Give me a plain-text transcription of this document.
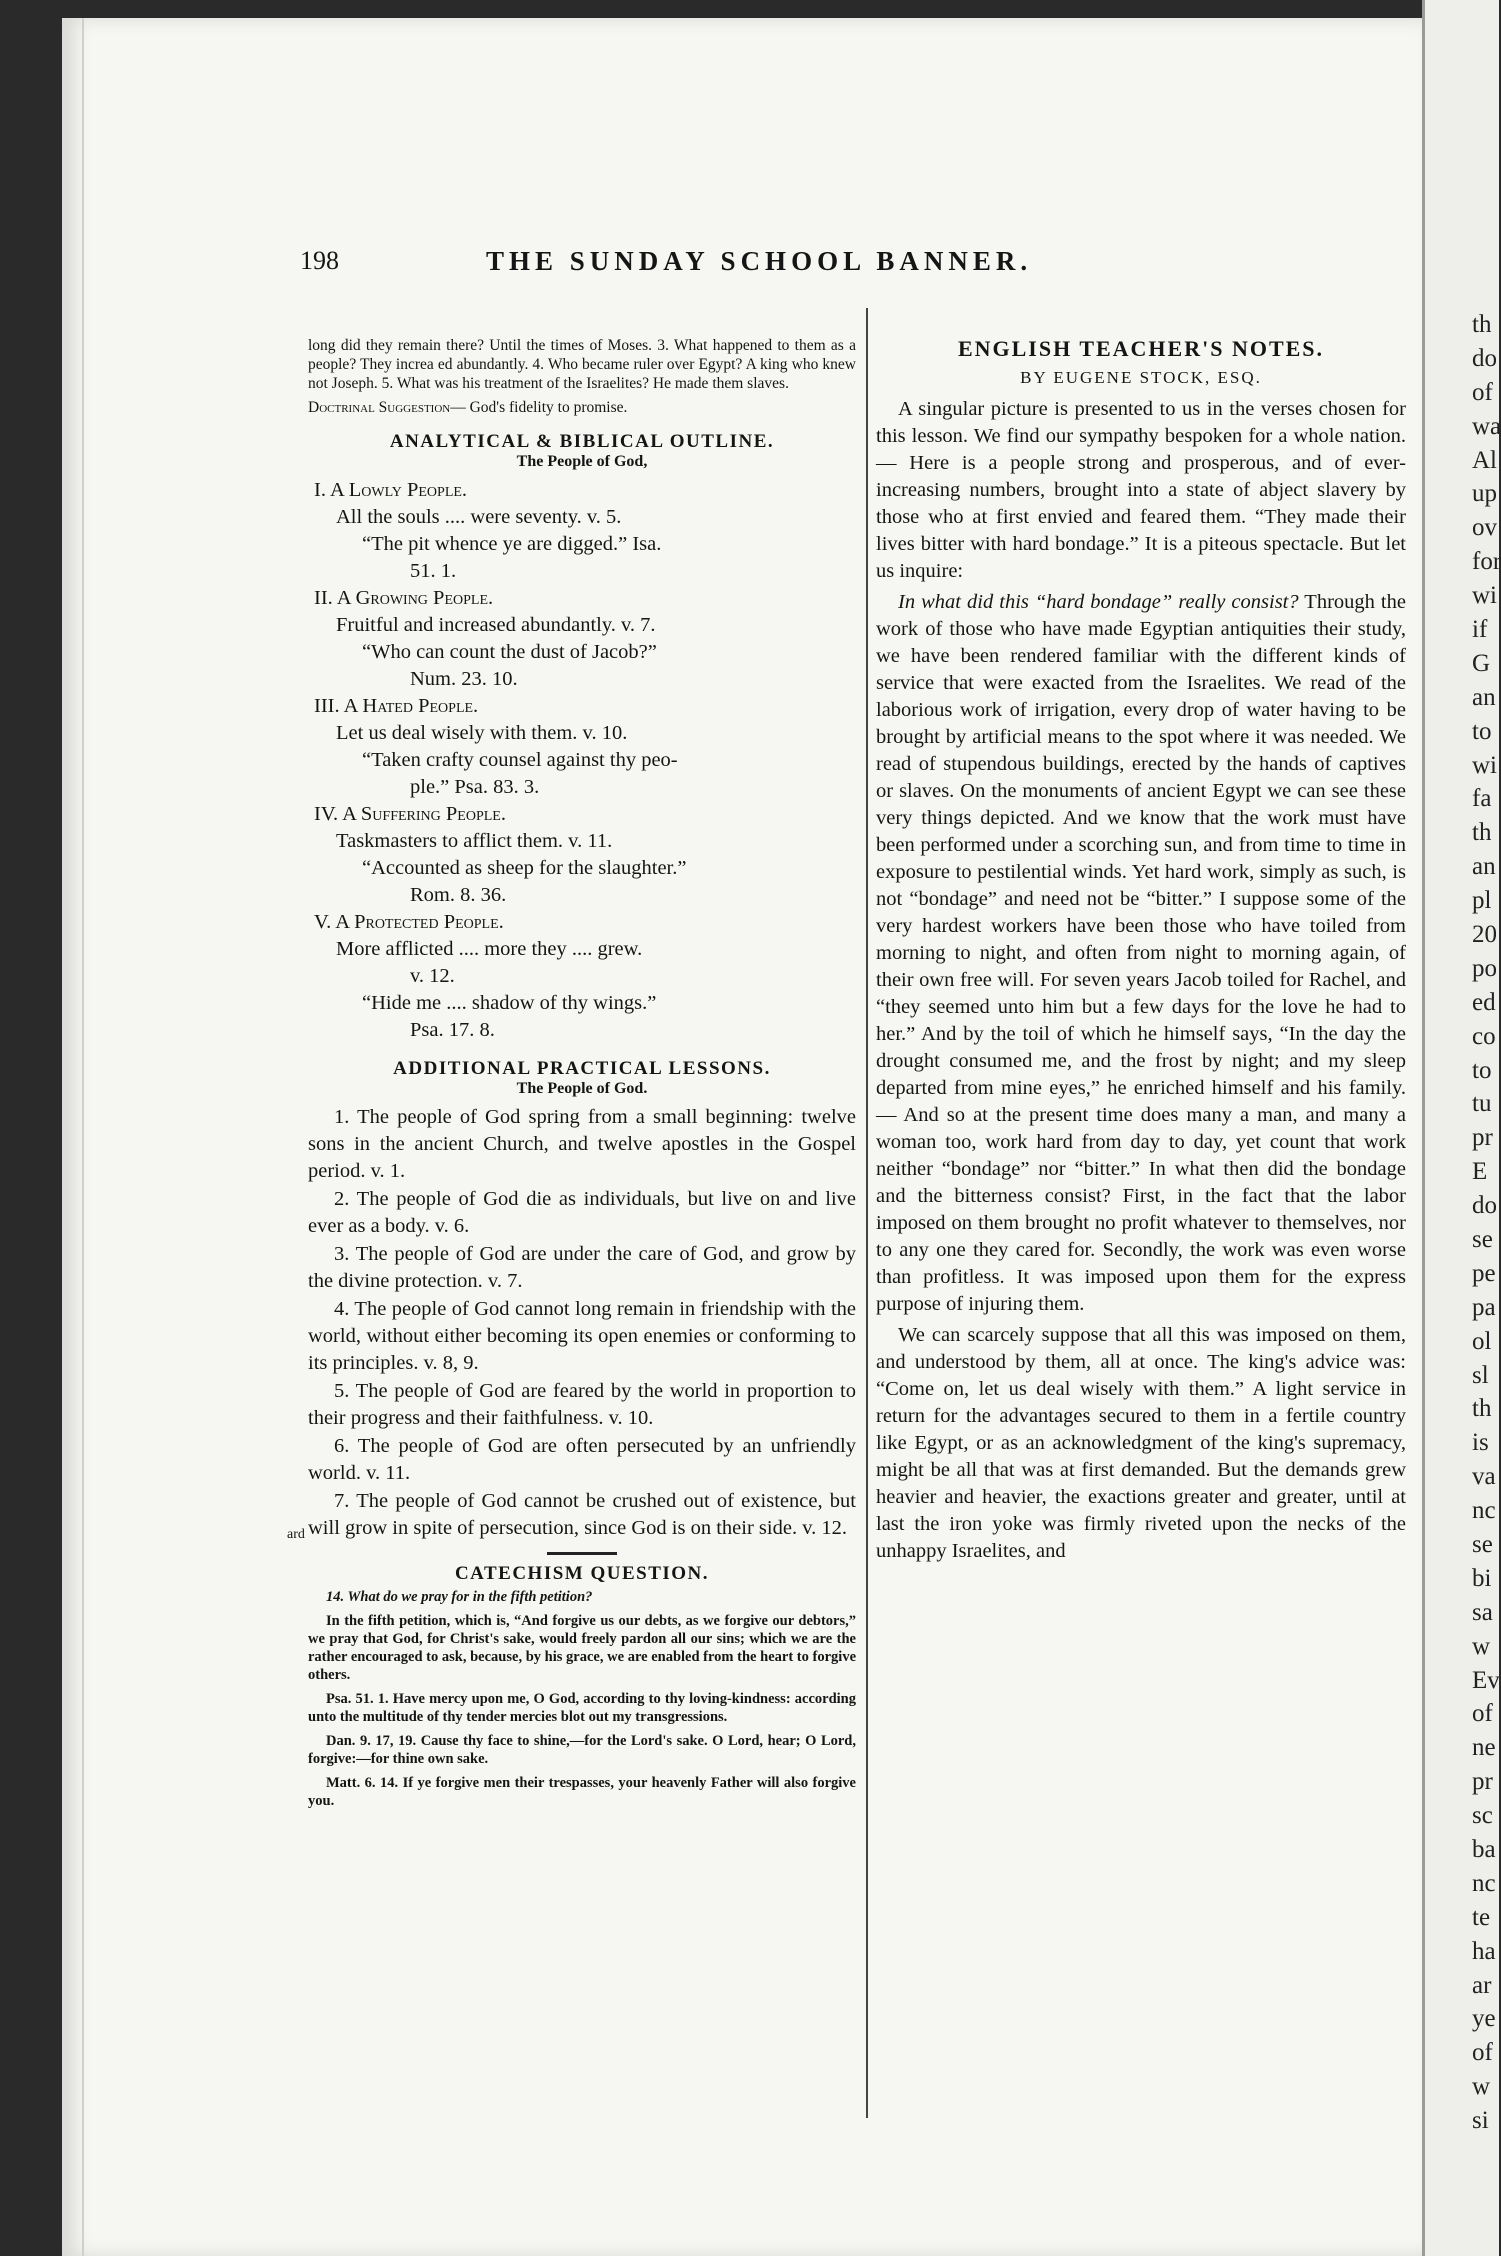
th
do
of
wa
Al
up
ov
for
wi
if
G
an
to
wi
fa
th
an
pl
20
po
ed
co
to
tu
pr
E
do
se
pe
pa
ol
sl
th
is
va
nc
se
bi
sa
w
Ev
of
ne
pr
sc
ba
nc
te
ha
ar
ye
of
w
si
198	THE SUNDAY SCHOOL BANNER.
long did they remain there? Until the times of Moses. 3. What happened to them as a people? They increa ed abundantly. 4. Who became ruler over Egypt? A king who knew not Joseph. 5. What was his treatment of the Israelites? He made them slaves.
Doctrinal Suggestion— God's fidelity to promise.
ANALYTICAL & BIBLICAL OUTLINE.
The People of God,

I. A Lowly People.

All the souls .... were seventy. v. 5.

“The pit whence ye are digged.” Isa.

51. 1.

II. A Growing People.

Fruitful and increased abundantly. v. 7.

“Who can count the dust of Jacob?”

Num. 23. 10.

III. A Hated People.

Let us deal wisely with them. v. 10.

“Taken crafty counsel against thy peo-

ple.” Psa. 83. 3.

IV. A Suffering People.

Taskmasters to afflict them. v. 11.

“Accounted as sheep for the slaughter.”

Rom. 8. 36.

V. A Protected People.

More afflicted .... more they .... grew.

v. 12.

“Hide me .... shadow of thy wings.”

Psa. 17. 8.

ADDITIONAL PRACTICAL LESSONS.
The People of God.

1. The people of God spring from a small beginning: twelve sons in the ancient Church, and twelve apostles in the Gospel period. v. 1.

2. The people of God die as individuals, but live on and live ever as a body. v. 6.

3. The people of God are under the care of God, and grow by the divine protection. v. 7.

4. The people of God cannot long remain in friendship with the world, without either becoming its open enemies or conforming to its principles. v. 8, 9.

5. The people of God are feared by the world in proportion to their progress and their faithfulness. v. 10.

6. The people of God are often persecuted by an unfriendly world. v. 11.

7. The people of God cannot be crushed out of existence, but will grow in spite of persecution, since God is on their side. v. 12.

CATECHISM QUESTION.
14. What do we pray for in the fifth petition?

In the fifth petition, which is, “And forgive us our debts, as we forgive our debtors,” we pray that God, for Christ's sake, would freely pardon all our sins; which we are the rather encouraged to ask, because, by his grace, we are enabled from the heart to forgive others.

Psa. 51. 1. Have mercy upon me, O God, according to thy loving-kindness: according unto the multitude of thy tender mercies blot out my transgressions.

Dan. 9. 17, 19. Cause thy face to shine,—for the Lord's sake. O Lord, hear; O Lord, forgive:—for thine own sake.

Matt. 6. 14. If ye forgive men their trespasses, your heavenly Father will also forgive you.

ard
ENGLISH TEACHER'S NOTES.
BY EUGENE STOCK, ESQ.

A singular picture is presented to us in the verses chosen for this lesson. We find our sympathy bespoken for a whole nation.— Here is a people strong and prosperous, and of ever-increasing numbers, brought into a state of abject slavery by those who at first envied and feared them. “They made their lives bitter with hard bondage.” It is a piteous spectacle. But let us inquire:

In what did this “hard bondage” really consist? Through the work of those who have made Egyptian antiquities their study, we have been rendered familiar with the different kinds of service that were exacted from the Israelites. We read of the laborious work of irrigation, every drop of water having to be brought by artificial means to the spot where it was needed. We read of stupendous buildings, erected by the hands of captives or slaves. On the monuments of ancient Egypt we can see these very things depicted. And we know that the work must have been performed under a scorching sun, and from time to time in exposure to pestilential winds. Yet hard work, simply as such, is not “bondage” and need not be “bitter.” I suppose some of the very hardest workers have been those who have toiled from morning to night, and often from night to morning again, of their own free will. For seven years Jacob toiled for Rachel, and “they seemed unto him but a few days for the love he had to her.” And by the toil of which he himself says, “In the day the drought consumed me, and the frost by night; and my sleep departed from mine eyes,” he enriched himself and his family.— And so at the present time does many a man, and many a woman too, work hard from day to day, yet count that work neither “bondage” nor “bitter.” In what then did the bondage and the bitterness consist? First, in the fact that the labor imposed on them brought no profit whatever to themselves, nor to any one they cared for. Secondly, the work was even worse than profitless. It was imposed upon them for the express purpose of injuring them.

We can scarcely suppose that all this was imposed on them, and understood by them, all at once. The king's advice was: “Come on, let us deal wisely with them.” A light service in return for the advantages secured to them in a fertile country like Egypt, or as an acknowledgment of the king's supremacy, might be all that was at first demanded. But the demands grew heavier and heavier, the exactions greater and greater, until at last the iron yoke was firmly riveted upon the necks of the unhappy Israelites, and
